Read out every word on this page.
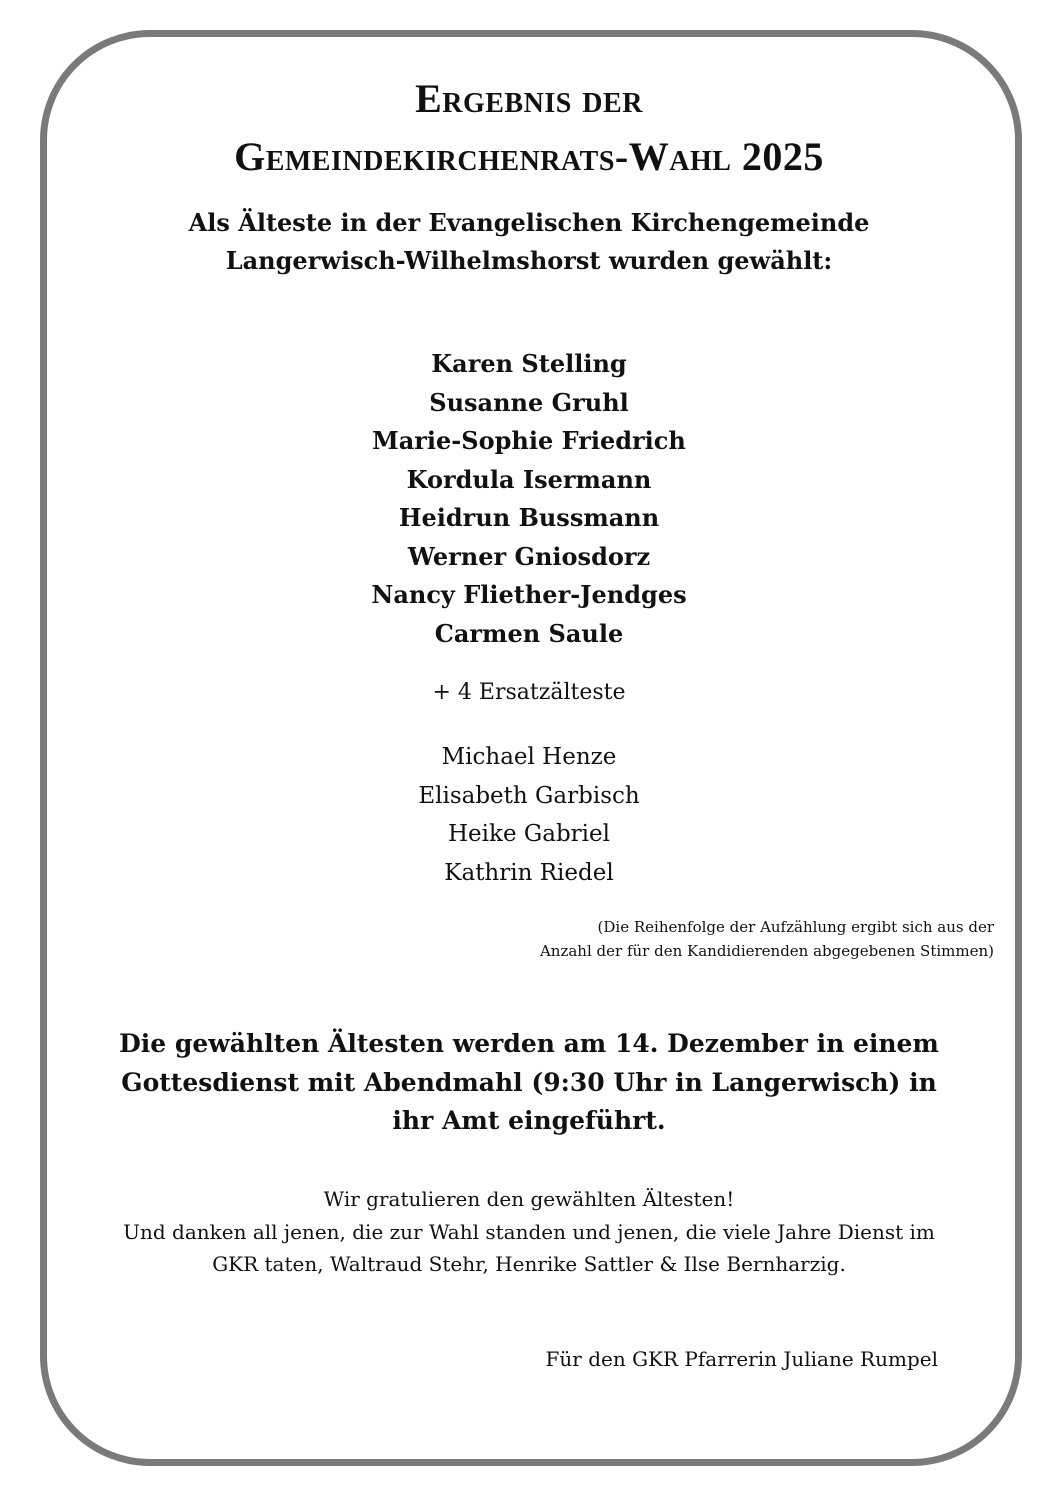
Ergebnis der
Gemeindekirchenrats-Wahl 2025
Als Älteste in der Evangelischen Kirchengemeinde
Langerwisch-Wilhelmshorst wurden gewählt:
Karen Stelling
Susanne Gruhl
Marie-Sophie Friedrich
Kordula Isermann
Heidrun Bussmann
Werner Gniosdorz
Nancy Fliether-Jendges
Carmen Saule
+ 4 Ersatzälteste
Michael Henze
Elisabeth Garbisch
Heike Gabriel
Kathrin Riedel
(Die Reihenfolge der Aufzählung ergibt sich aus der
Anzahl der für den Kandidierenden abgegebenen Stimmen)
Die gewählten Ältesten werden am 14. Dezember in einem
Gottesdienst mit Abendmahl (9:30 Uhr in Langerwisch) in
ihr Amt eingeführt.
Wir gratulieren den gewählten Ältesten!
Und danken all jenen, die zur Wahl standen und jenen, die viele Jahre Dienst im
GKR taten, Waltraud Stehr, Henrike Sattler & Ilse Bernharzig.
Für den GKR Pfarrerin Juliane Rumpel
